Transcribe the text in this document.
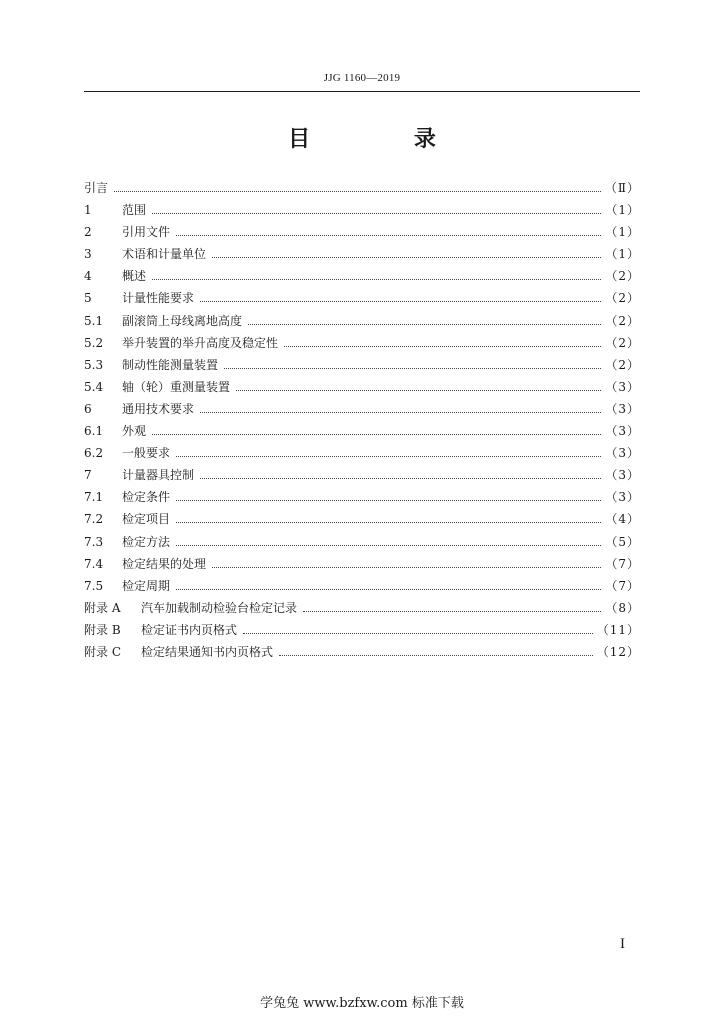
JJG 1160—2019
目 录
引言	（Ⅱ）
1	范围	（1）
2	引用文件	（1）
3	术语和计量单位	（1）
4	概述	（2）
5	计量性能要求	（2）
5.1	副滚筒上母线离地高度	（2）
5.2	举升装置的举升高度及稳定性	（2）
5.3	制动性能测量装置	（2）
5.4	轴（轮）重测量装置	（3）
6	通用技术要求	（3）
6.1	外观	（3）
6.2	一般要求	（3）
7	计量器具控制	（3）
7.1	检定条件	（3）
7.2	检定项目	（4）
7.3	检定方法	（5）
7.4	检定结果的处理	（7）
7.5	检定周期	（7）
附录 A	汽车加载制动检验台检定记录	（8）
附录 B	检定证书内页格式	（11）
附录 C	检定结果通知书内页格式	（12）
I
学兔兔 www.bzfxw.com 标准下载
